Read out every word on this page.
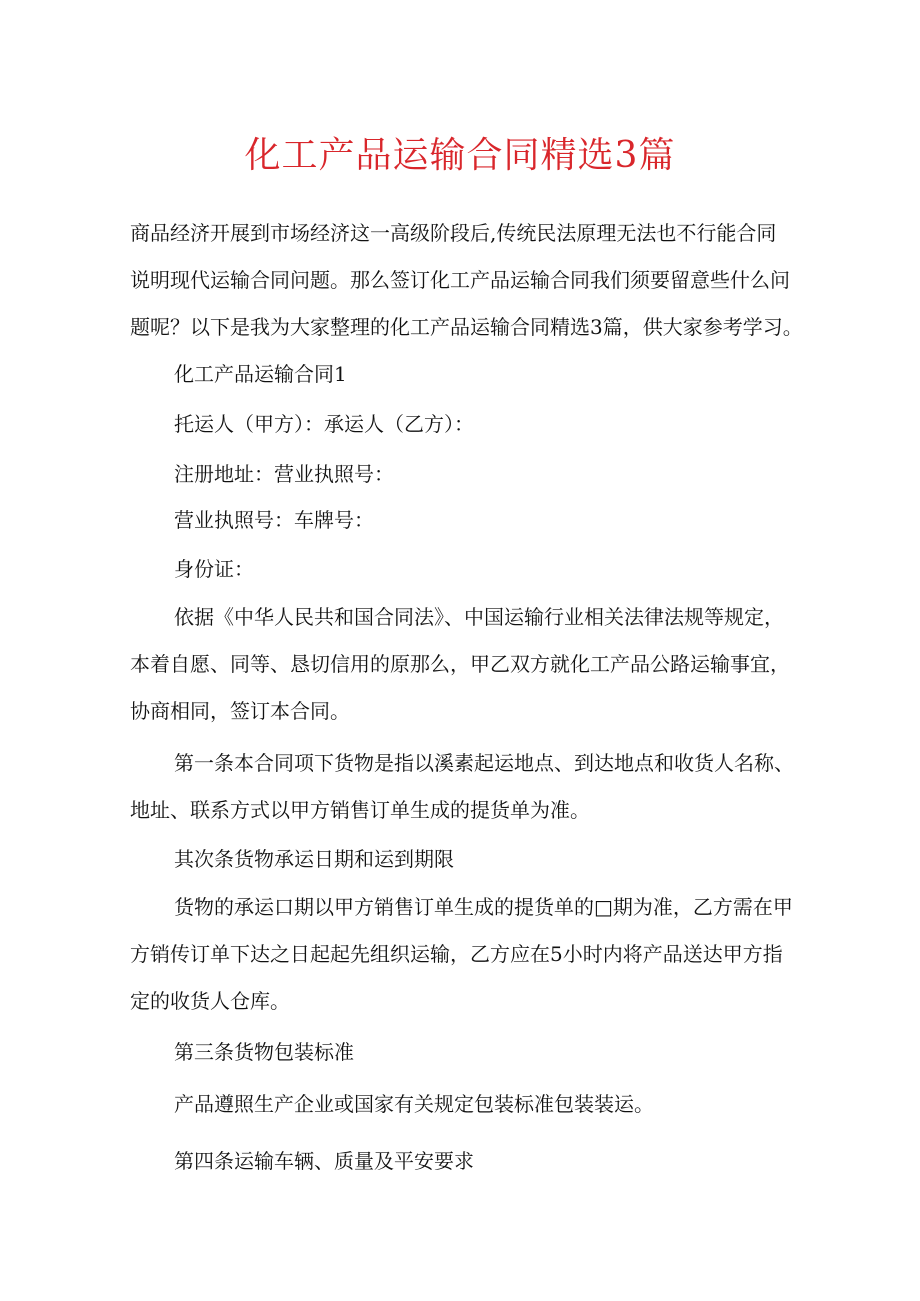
化工产品运输合同精选3篇
商品经济开展到市场经济这一高级阶段后,传统民法原理无法也不行能合同
说明现代运输合同问题。那么签订化工产品运输合同我们须要留意些什么问
题呢？以下是我为大家整理的化工产品运输合同精选3篇，供大家参考学习。
化工产品运输合同1
托运人（甲方）：承运人（乙方）：
注册地址：营业执照号：
营业执照号：车牌号：
身份证：
依据《中华人民共和国合同法》、中国运输行业相关法律法规等规定，
本着自愿、同等、恳切信用的原那么，甲乙双方就化工产品公路运输事宜，
协商相同，签订本合同。
第一条本合同项下货物是指以溪素起运地点、到达地点和收货人名称、
地址、联系方式以甲方销售订单生成的提货单为准。
其次条货物承运日期和运到期限
货物的承运口期以甲方销售订单生成的提货单的□期为准，乙方需在甲
方销传订单下达之日起起先组织运输，乙方应在5小时内将产品送达甲方指
定的收货人仓库。
第三条货物包装标准
产品遵照生产企业或国家有关规定包装标准包装装运。
第四条运输车辆、质量及平安要求
